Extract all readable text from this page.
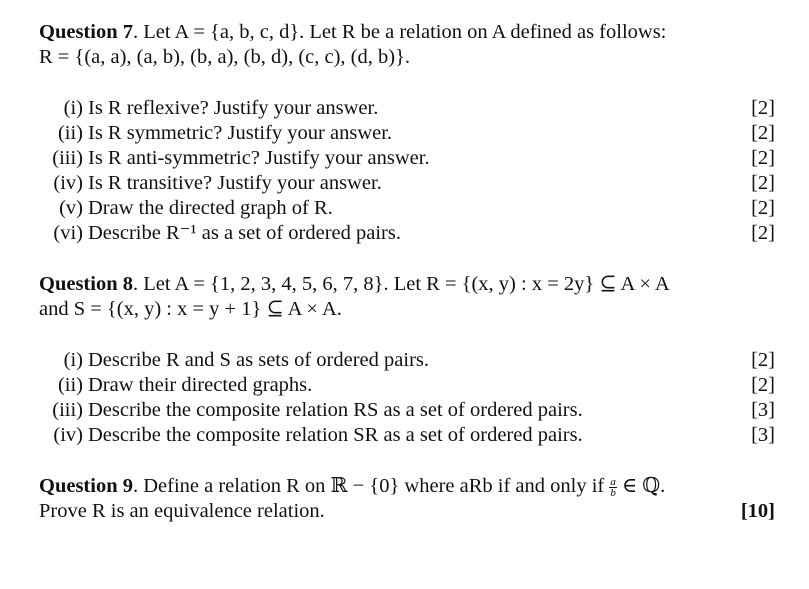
Question 7. Let A = {a, b, c, d}. Let R be a relation on A defined as follows:
R = {(a, a), (a, b), (b, a), (b, d), (c, c), (d, b)}.

(i) Is R reflexive? Justify your answer.	[2]
(ii) Is R symmetric? Justify your answer.	[2]
(iii) Is R anti-symmetric? Justify your answer.	[2]
(iv) Is R transitive? Justify your answer.	[2]
(v) Draw the directed graph of R.	[2]
(vi) Describe R⁻¹ as a set of ordered pairs.	[2]

Question 8. Let A = {1, 2, 3, 4, 5, 6, 7, 8}. Let R = {(x, y) : x = 2y} ⊆ A × A
and S = {(x, y) : x = y + 1} ⊆ A × A.

(i) Describe R and S as sets of ordered pairs.	[2]
(ii) Draw their directed graphs.	[2]
(iii) Describe the composite relation RS as a set of ordered pairs.	[3]
(iv) Describe the composite relation SR as a set of ordered pairs.	[3]

Question 9. Define a relation R on ℝ − {0} where aRb if and only if $\frac{a}{b}$ ∈ ℚ.

Prove R is an equivalence relation.	[10]
